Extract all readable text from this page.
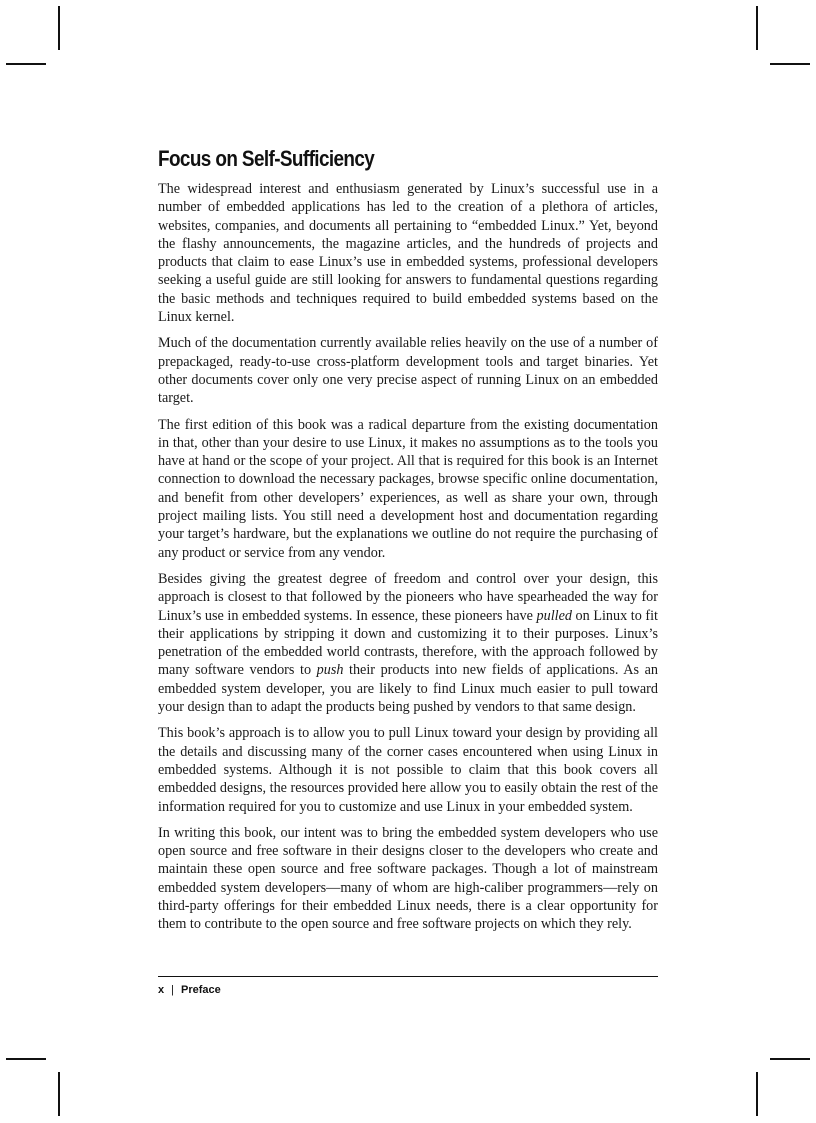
Focus on Self-Sufficiency

The widespread interest and enthusiasm generated by Linux’s successful use in a number of embedded applications has led to the creation of a plethora of articles, websites, companies, and documents all pertaining to “embedded Linux.” Yet, beyond the flashy announcements, the magazine articles, and the hundreds of projects and products that claim to ease Linux’s use in embedded systems, professional developers seeking a useful guide are still looking for answers to fundamental questions regarding the basic methods and techniques required to build embedded systems based on the Linux kernel.

Much of the documentation currently available relies heavily on the use of a number of prepackaged, ready-to-use cross-platform development tools and target binaries. Yet other documents cover only one very precise aspect of running Linux on an embedded target.

The first edition of this book was a radical departure from the existing documentation in that, other than your desire to use Linux, it makes no assumptions as to the tools you have at hand or the scope of your project. All that is required for this book is an Internet connection to download the necessary packages, browse specific online documentation, and benefit from other developers’ experiences, as well as share your own, through project mailing lists. You still need a development host and documentation regarding your target’s hardware, but the explanations we outline do not require the purchasing of any product or service from any vendor.

Besides giving the greatest degree of freedom and control over your design, this approach is closest to that followed by the pioneers who have spearheaded the way for Linux’s use in embedded systems. In essence, these pioneers have pulled on Linux to fit their applications by stripping it down and customizing it to their purposes. Linux’s penetration of the embedded world contrasts, therefore, with the approach followed by many software vendors to push their products into new fields of applications. As an embedded system developer, you are likely to find Linux much easier to pull toward your design than to adapt the products being pushed by vendors to that same design.

This book’s approach is to allow you to pull Linux toward your design by providing all the details and discussing many of the corner cases encountered when using Linux in embedded systems. Although it is not possible to claim that this book covers all embedded designs, the resources provided here allow you to easily obtain the rest of the information required for you to customize and use Linux in your embedded system.

In writing this book, our intent was to bring the embedded system developers who use open source and free software in their designs closer to the developers who create and maintain these open source and free software packages. Though a lot of mainstream embedded system developers—many of whom are high-caliber programmers—rely on third-party offerings for their embedded Linux needs, there is a clear opportunity for them to contribute to the open source and free software projects on which they rely.

x | Preface
